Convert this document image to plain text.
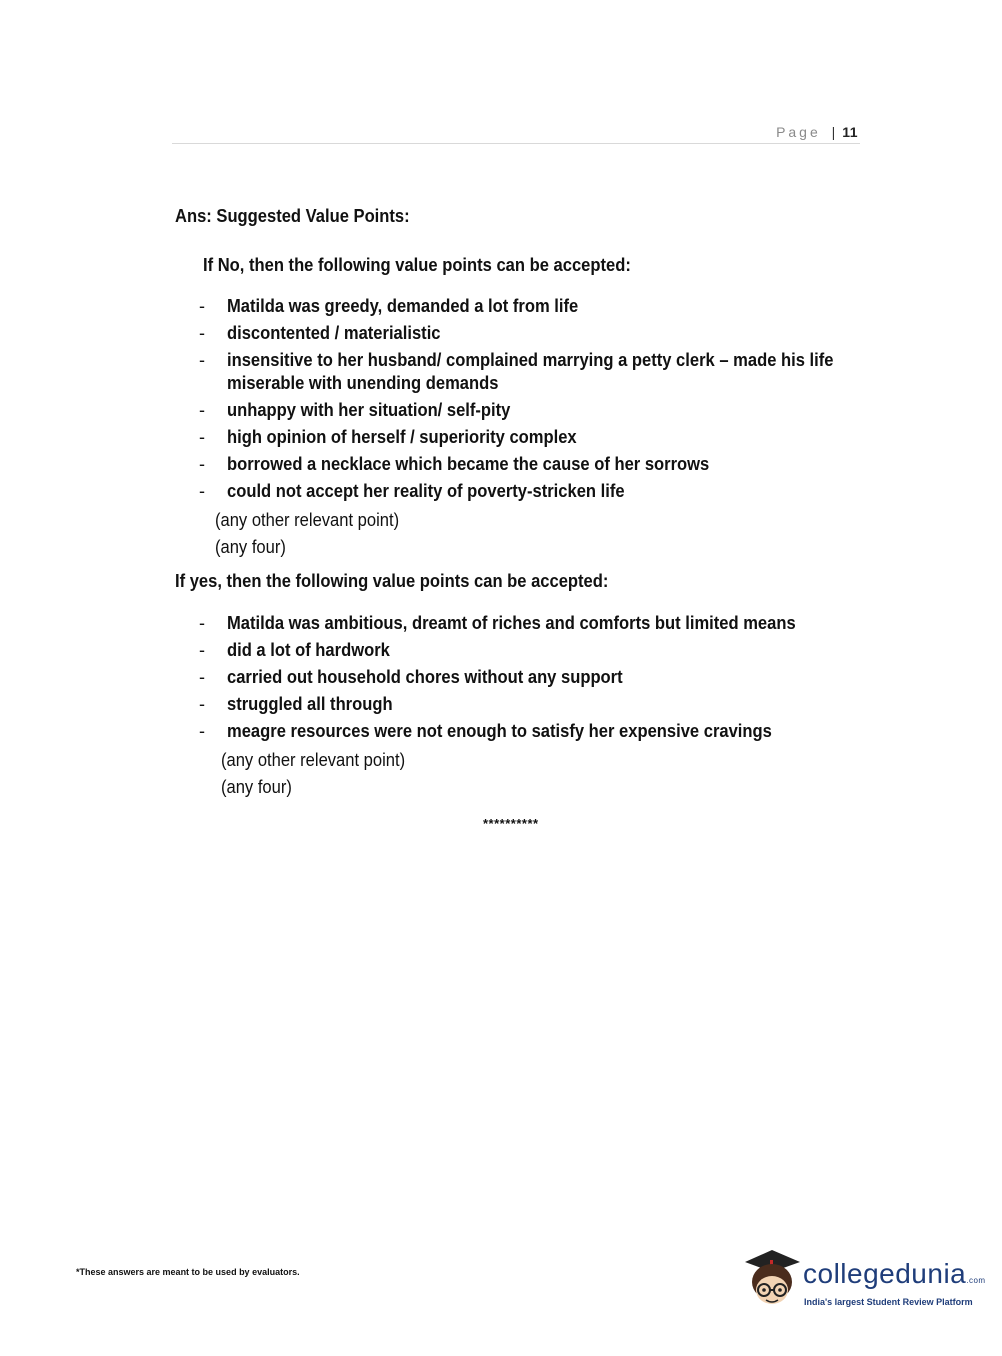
Page | 11
Ans: Suggested Value Points:
If No, then the following value points can be accepted:
- Matilda was greedy, demanded a lot from life
- discontented / materialistic
- insensitive to her husband/ complained marrying a petty clerk – made his life miserable with unending demands
- unhappy with her situation/ self-pity
- high opinion of herself / superiority complex
- borrowed a necklace which became the cause of her sorrows
- could not accept her reality of poverty-stricken life
(any other relevant point)
(any four)
If yes, then the following value points can be accepted:
- Matilda was ambitious, dreamt of riches and comforts but limited means
- did a lot of hardwork
- carried out household chores without any support
- struggled all through
- meagre resources were not enough to satisfy her expensive cravings
(any other relevant point)
(any four)
**********
*These answers are meant to be used by evaluators.	collegedunia.com
India's largest Student Review Platform
